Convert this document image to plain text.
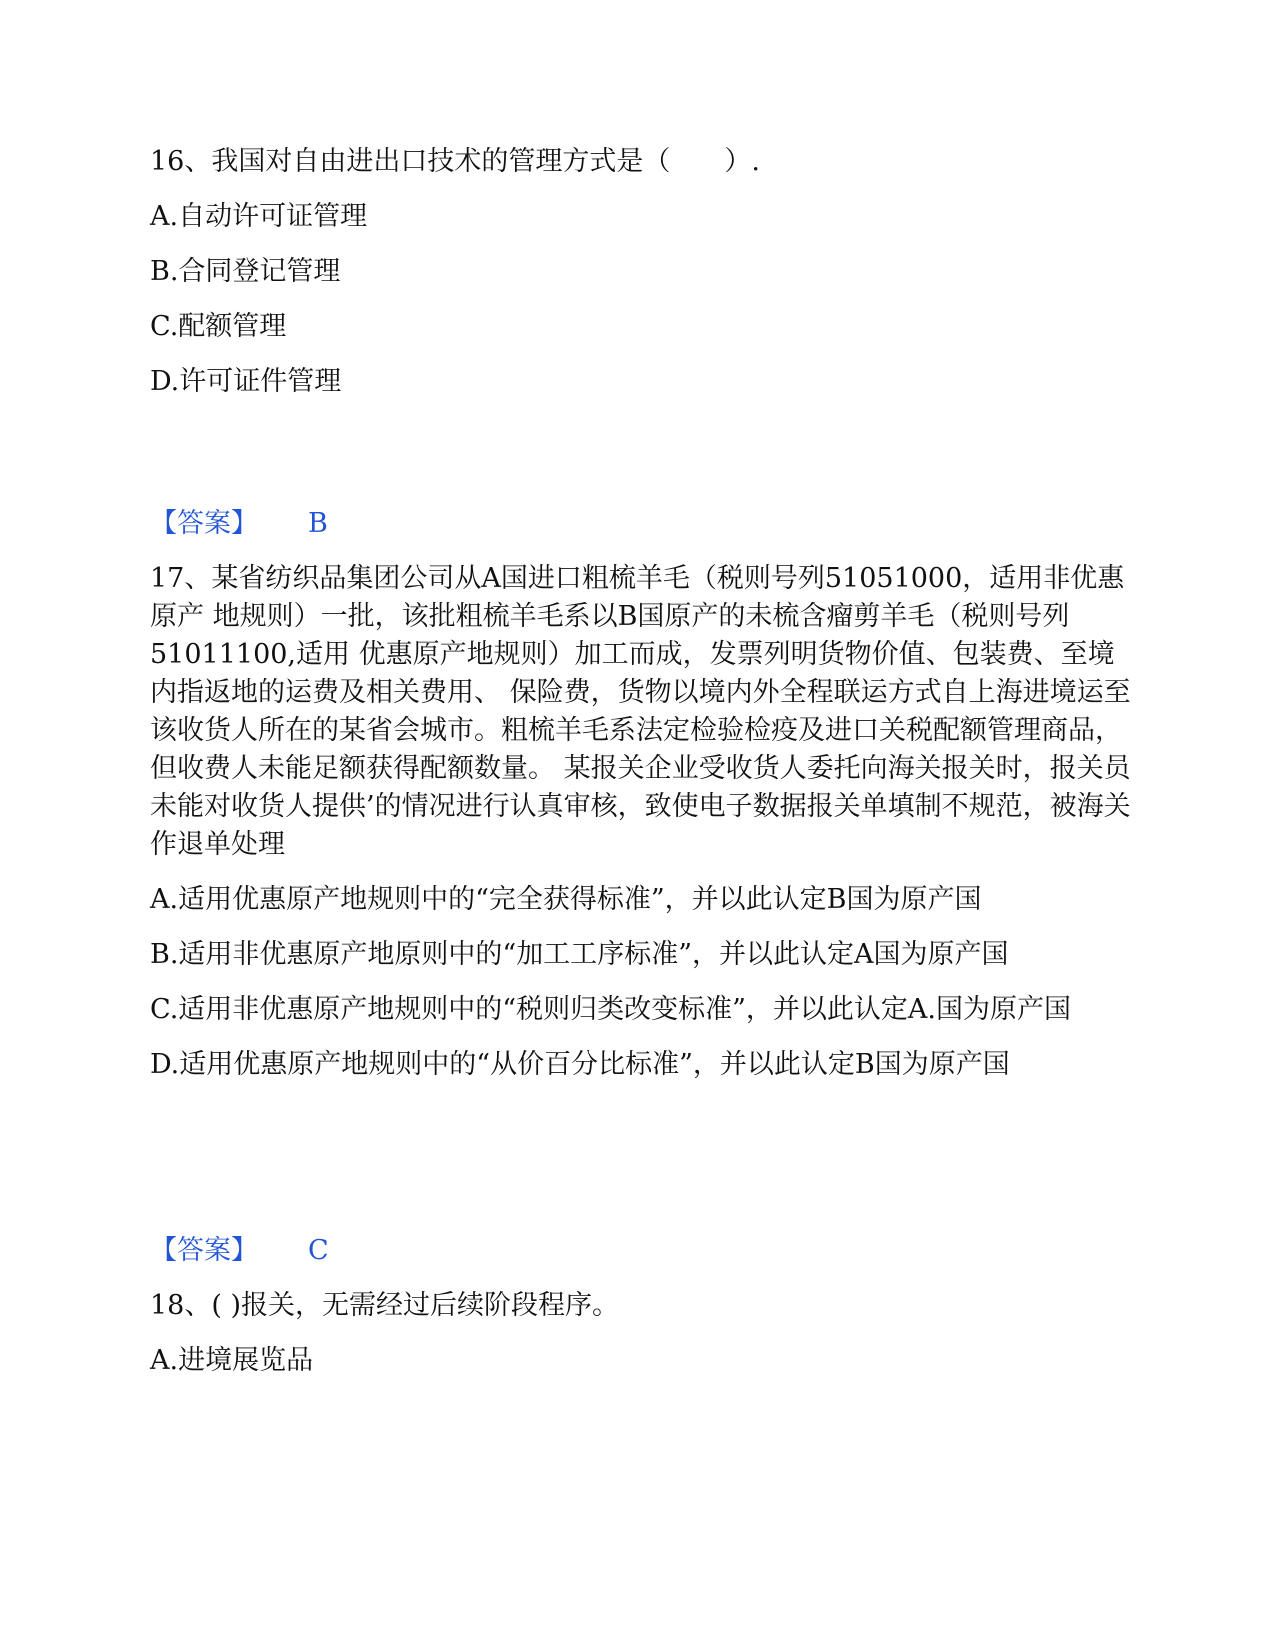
16、我国对自由进出口技术的管理方式是（　　）.

A.自动许可证管理

B.合同登记管理

C.配额管理

D.许可证件管理

【答案】 B

17、某省纺织品集团公司从A国进口粗梳羊毛（税则号列51051000，适用非优惠原产 地规则）一批，该批粗梳羊毛系以B国原产的未梳含瘤剪羊毛（税则号列51011100,适用 优惠原产地规则）加工而成，发票列明货物价值、包装费、至境内指返地的运费及相关费用、 保险费，货物以境内外全程联运方式自上海进境运至该收货人所在的某省会城市。粗梳羊毛系法定检验检疫及进口关税配额管理商品，但收费人未能足额获得配额数量。 某报关企业受收货人委托向海关报关时，报关员未能对收货人提供’的情况进行认真审核，致使电子数据报关单填制不规范，被海关作退单处理

A.适用优惠原产地规则中的“完全获得标准”，并以此认定B国为原产国

B.适用非优惠原产地原则中的“加工工序标准”，并以此认定A国为原产国

C.适用非优惠原产地规则中的“税则归类改变标准”，并以此认定A.国为原产国

D.适用优惠原产地规则中的“从价百分比标准”，并以此认定B国为原产国

【答案】 C

18、( )报关，无需经过后续阶段程序。

A.进境展览品
